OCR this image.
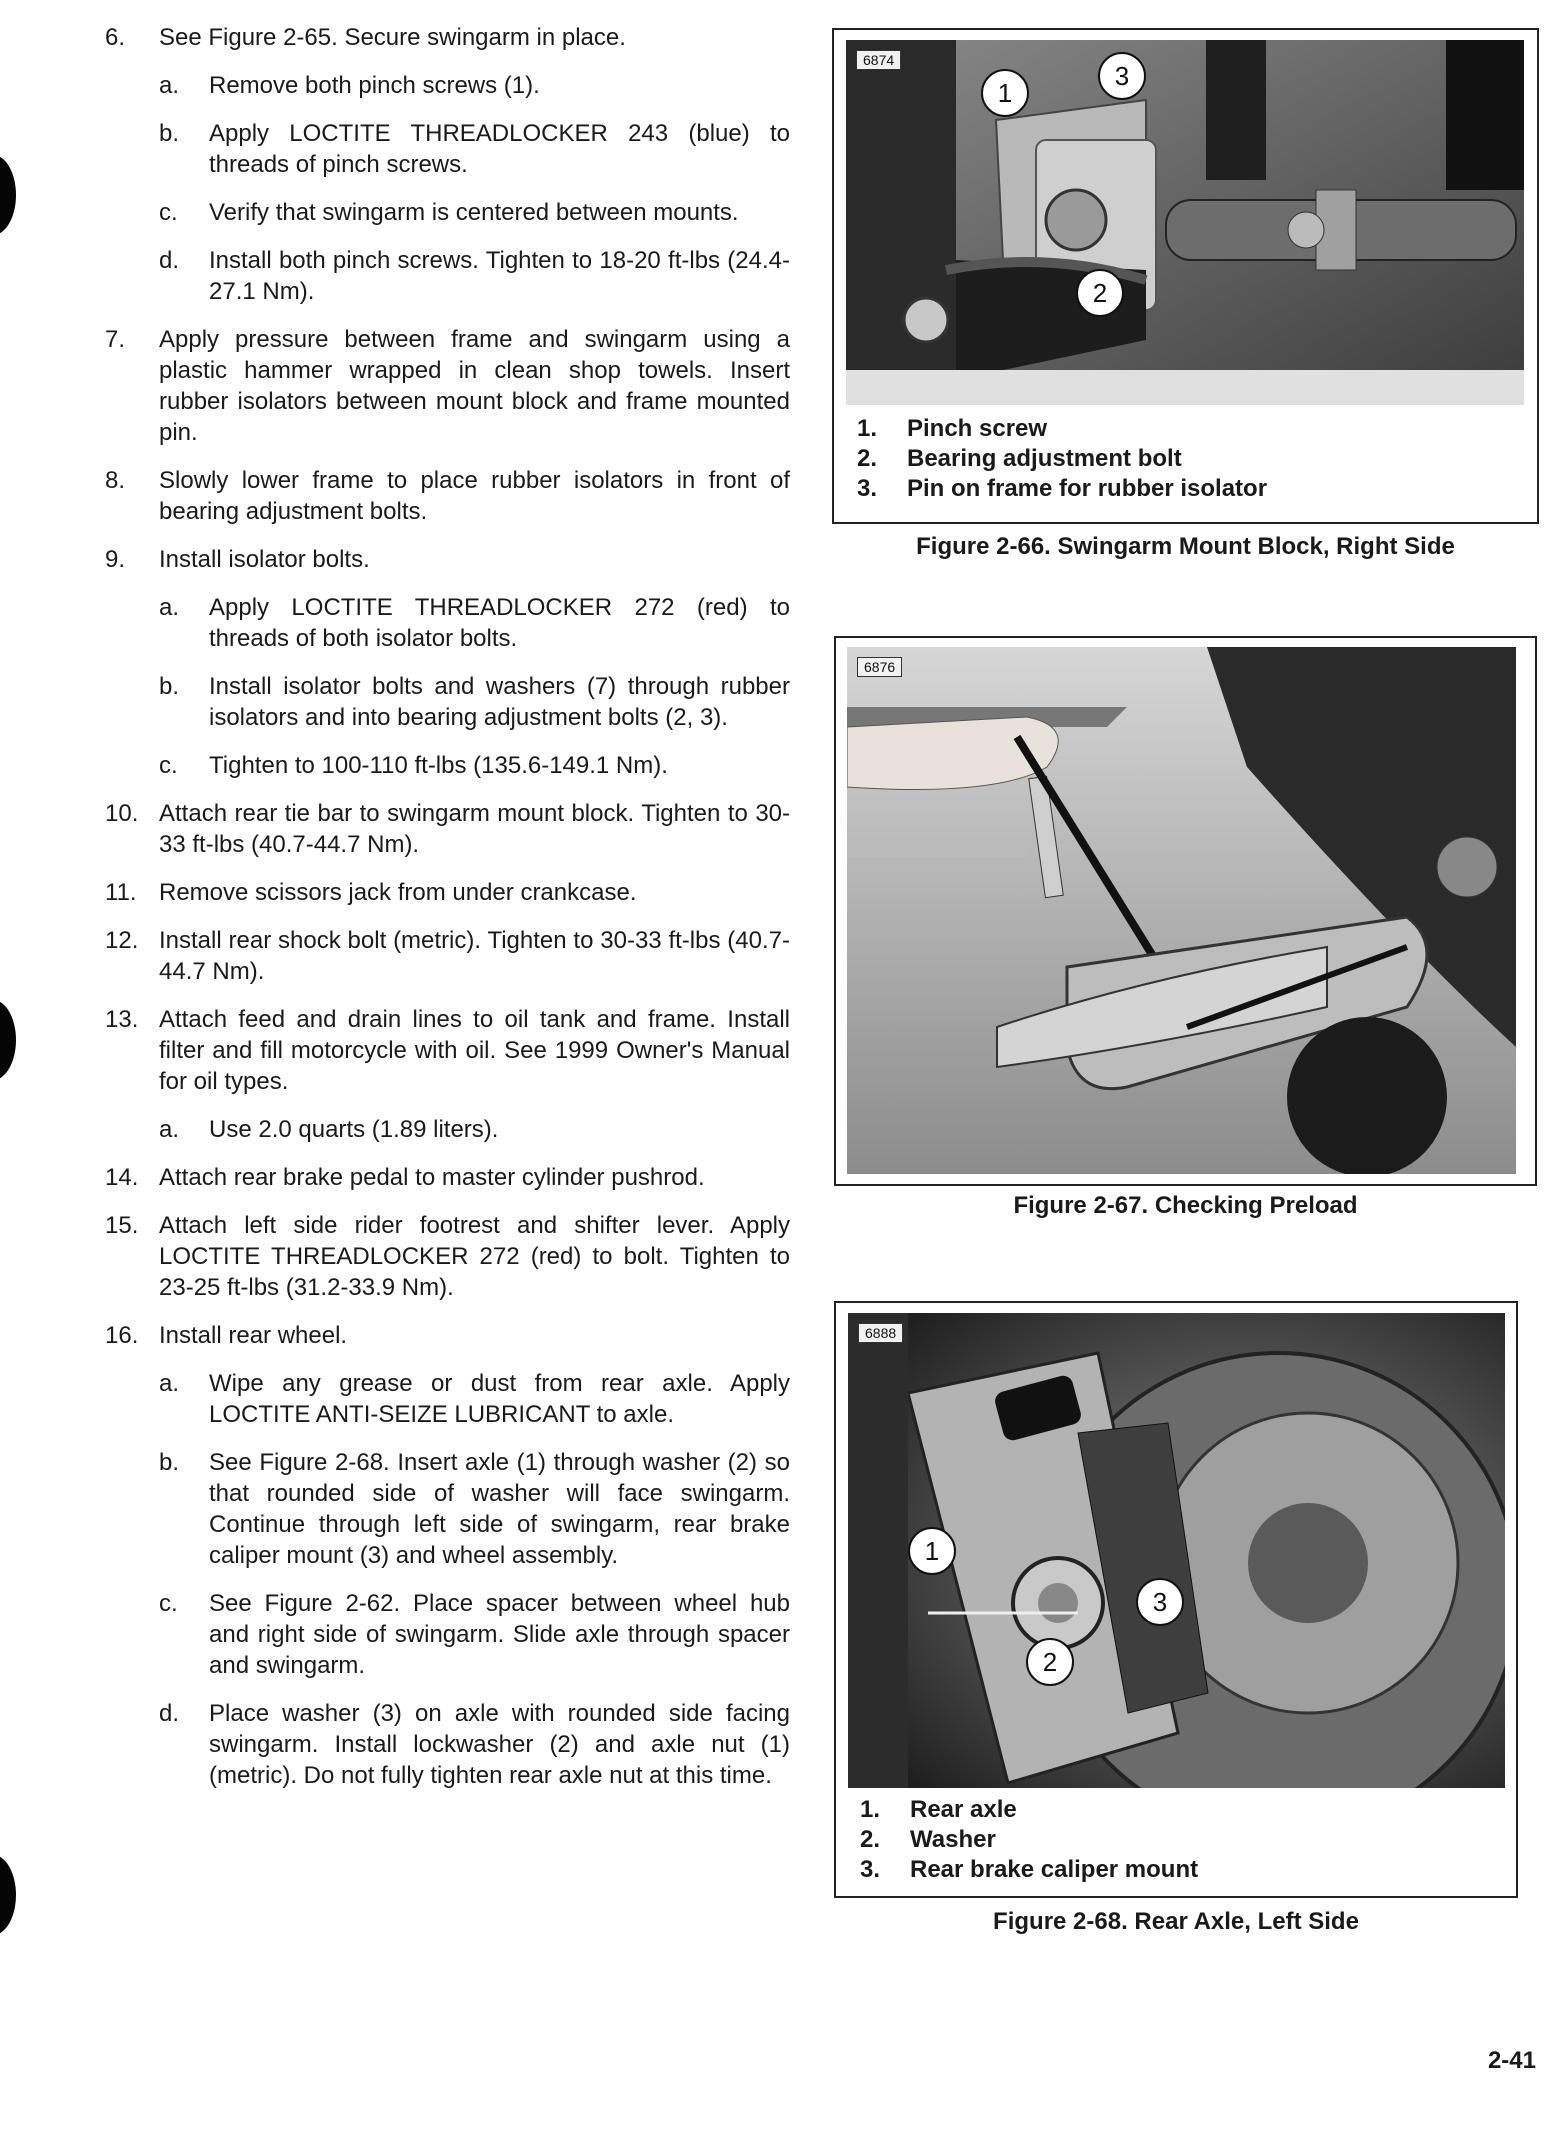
6.	See Figure 2-65. Secure swingarm in place.
a. Remove both pinch screws (1).
b. Apply LOCTITE THREADLOCKER 243 (blue) to threads of pinch screws.
c. Verify that swingarm is centered between mounts.
d. Install both pinch screws. Tighten to 18-20 ft-lbs (24.4-27.1 Nm).
7.	Apply pressure between frame and swingarm using a plastic hammer wrapped in clean shop towels. Insert rubber isolators between mount block and frame mounted pin.
8.	Slowly lower frame to place rubber isolators in front of bearing adjustment bolts.
9.	Install isolator bolts.
a. Apply LOCTITE THREADLOCKER 272 (red) to threads of both isolator bolts.
b. Install isolator bolts and washers (7) through rubber isolators and into bearing adjustment bolts (2, 3).
c. Tighten to 100-110 ft-lbs (135.6-149.1 Nm).
10. Attach rear tie bar to swingarm mount block. Tighten to 30-33 ft-lbs (40.7-44.7 Nm).
11. Remove scissors jack from under crankcase.
12. Install rear shock bolt (metric). Tighten to 30-33 ft-lbs (40.7-44.7 Nm).
13. Attach feed and drain lines to oil tank and frame. Install filter and fill motorcycle with oil. See 1999 Owner's Manual for oil types.
a. Use 2.0 quarts (1.89 liters).
14. Attach rear brake pedal to master cylinder pushrod.
15. Attach left side rider footrest and shifter lever. Apply LOCTITE THREADLOCKER 272 (red) to bolt. Tighten to 23-25 ft-lbs (31.2-33.9 Nm).
16. Install rear wheel.
a. Wipe any grease or dust from rear axle. Apply LOCTITE ANTI-SEIZE LUBRICANT to axle.
b. See Figure 2-68. Insert axle (1) through washer (2) so that rounded side of washer will face swingarm. Continue through left side of swingarm, rear brake caliper mount (3) and wheel assembly.
c. See Figure 2-62. Place spacer between wheel hub and right side of swingarm. Slide axle through spacer and swingarm.
d. Place washer (3) on axle with rounded side facing swingarm. Install lockwasher (2) and axle nut (1) (metric). Do not fully tighten rear axle nut at this time.
6874
1
2
3
1. Pinch screw
2. Bearing adjustment bolt
3. Pin on frame for rubber isolator
Figure 2-66. Swingarm Mount Block, Right Side
6876
Figure 2-67. Checking Preload
6888
1
2
3
1. Rear axle
2. Washer
3. Rear brake caliper mount
Figure 2-68. Rear Axle, Left Side
2-41
